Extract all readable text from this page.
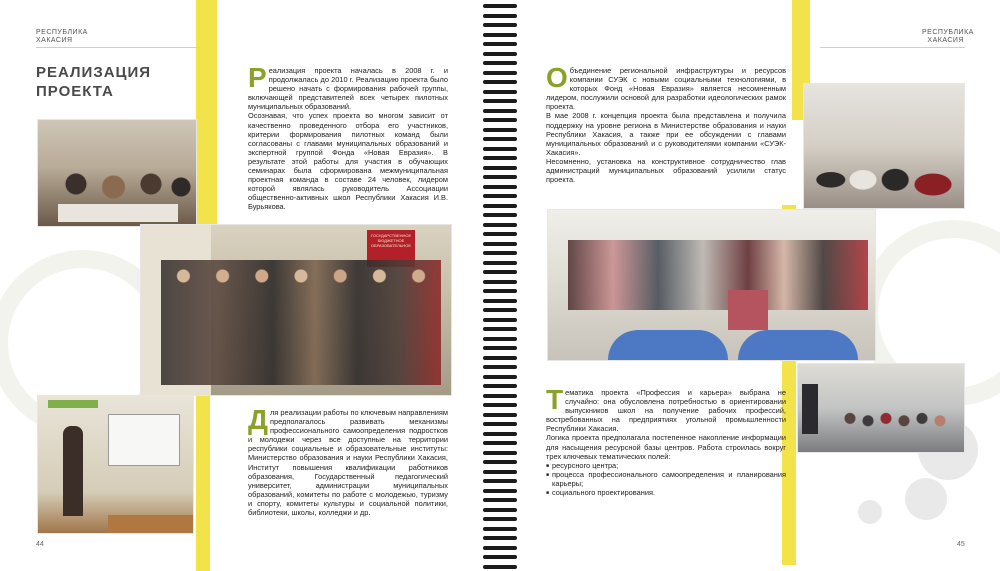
РЕСПУБЛИКА
ХАКАСИЯ
РЕАЛИЗАЦИЯ
ПРОЕКТА
ГОСУДАРСТВЕННОЕ
БЮДЖЕТНОЕ
ОБРАЗОВАТЕЛЬНОЕ
Р еализация проекта началась в 2008 г. и продолжалась до 2010 г. Реализацию проекта было решено начать с формирования рабочей группы, включающей представителей всех четырех пилотных муниципальных образований.

Осознавая, что успех проекта во многом зависит от качественно проведенного отбора его участников, критерии формирования пилотных команд были согласованы с главами муниципальных образований и экспертной группой Фонда «Новая Евразия». В результате этой работы для участия в обучающих семинарах была сформирована межмуниципальная проектная команда в составе 24 человек, лидером которой являлась руководитель Ассоциации общественно-активных школ Республики Хакасия И.В. Бурьякова.

Д ля реализации работы по ключевым направлениям предполагалось развивать механизмы профессионального самоопределения подростков и молодежи через все доступные на территории республики социальные и образовательные институты: Министерство образования и науки Республики Хакасия, Институт повышения квалификации работников образования, Государственный педагогический университет, администрации муниципальных образований, комитеты по работе с молодежью, туризму и спорту, комитеты культуры и социальной политики, библиотеки, школы, колледжи и др.

44
РЕСПУБЛИКА
ХАКАСИЯ
О бъединение региональной инфраструктуры и ресурсов компании СУЭК с новыми социальными технологиями, в которых Фонд «Новая Евразия» является несомненным лидером, послужили основой для разработки идеологических рамок проекта.

В мае 2008 г. концепция проекта была представлена и получила поддержку на уровне региона в Министерстве образования и науки Республики Хакасия, а также при ее обсуждении с главами муниципальных образований и с руководителями компании «СУЭК-Хакасия».

Несомненно, установка на конструктивное сотрудничество глав администраций муниципальных образований усилили статус проекта.

Т ематика проекта «Профессия и карьера» выбрана не случайно: она обусловлена потребностью в ориентировании выпускников школ на получение рабочих профессий, востребованных на предприятиях угольной промышленности Республики Хакасия.

Логика проекта предполагала постепенное накопление информации для насыщения ресурсной базы центров. Работа строилась вокруг трех ключевых тематических полей:

■ ресурсного центра;
■ процесса профессионального самоопределения и планирования карьеры;
■ социального проектирования.
45
